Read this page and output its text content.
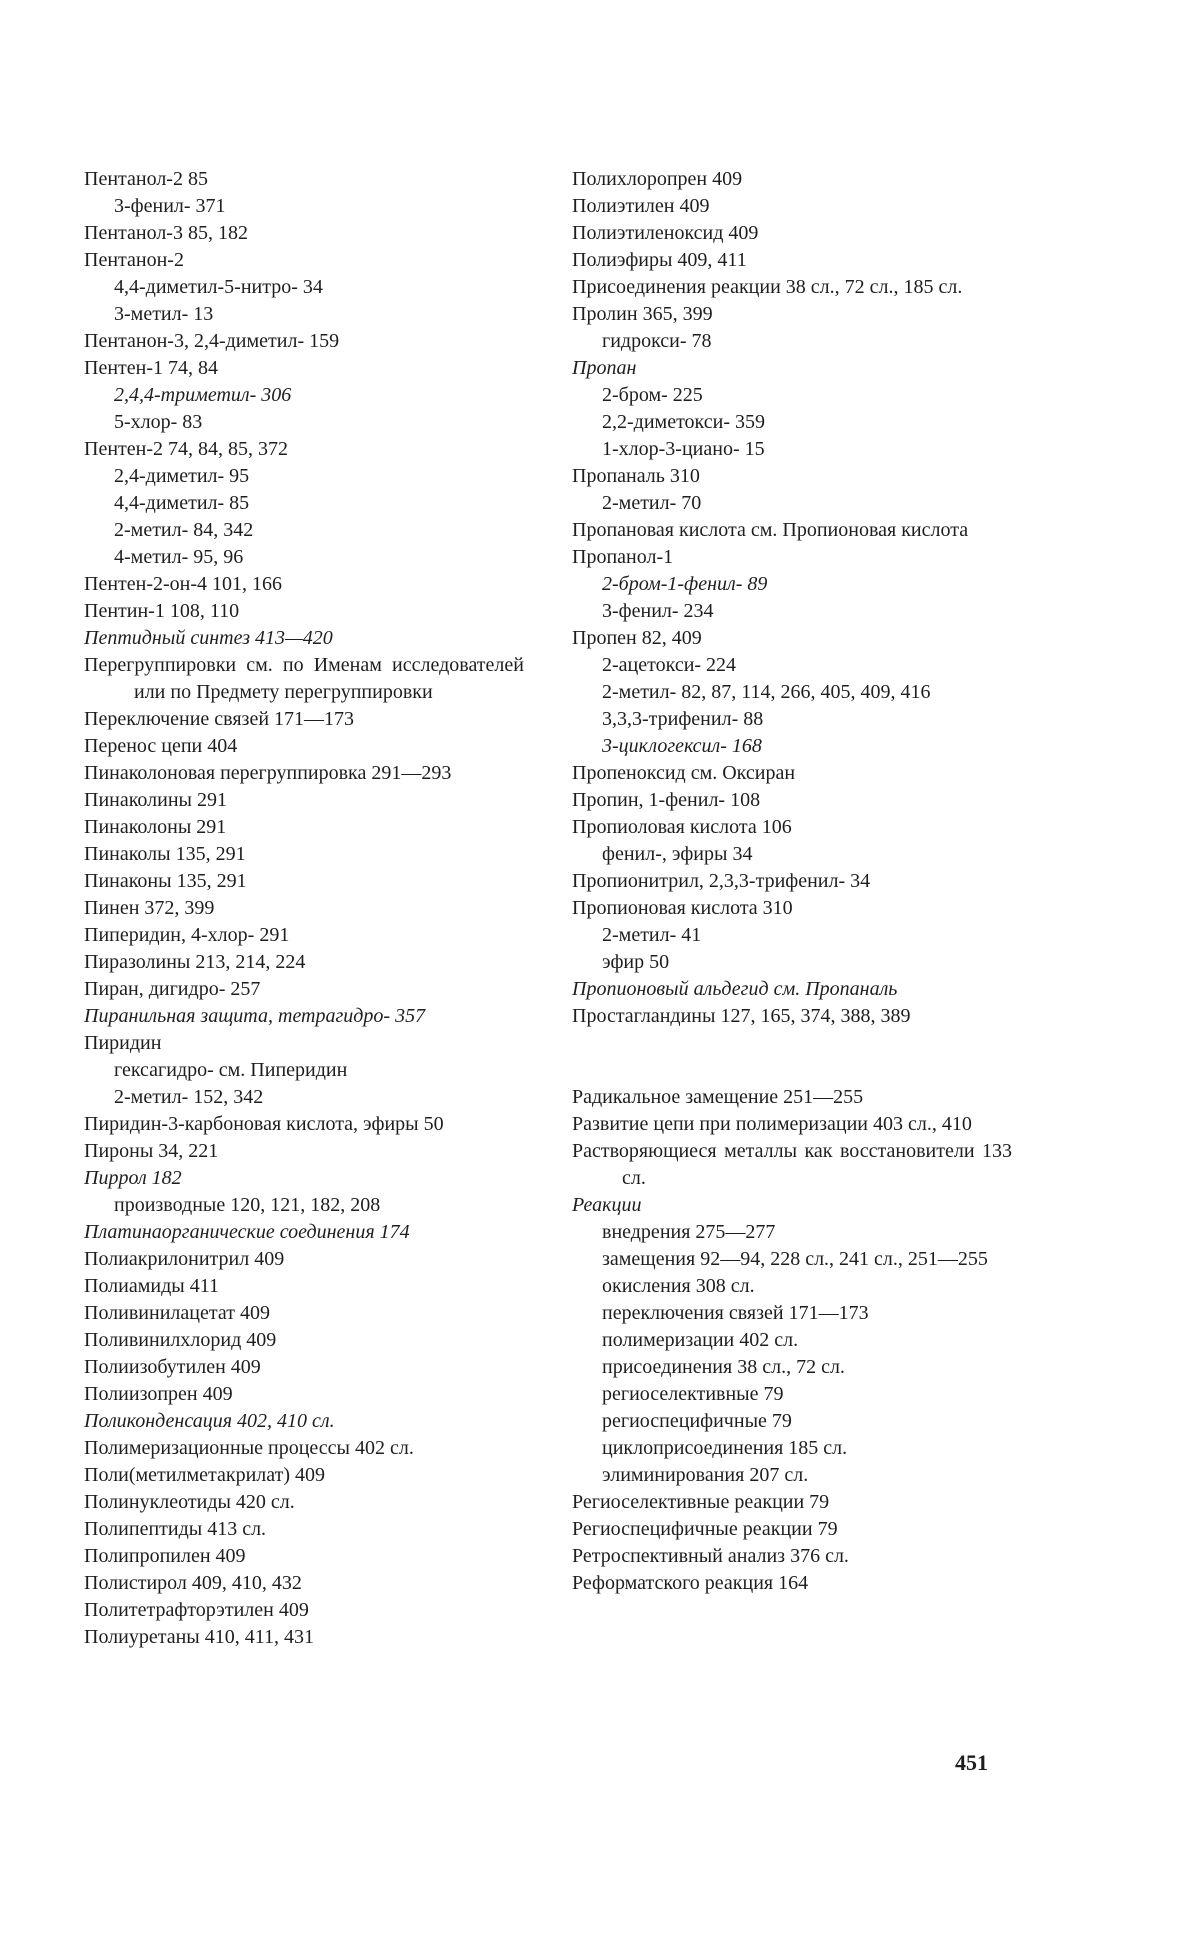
Пентанол-2 85
3-фенил- 371
Пентанол-3 85, 182
Пентанон-2
4,4-диметил-5-нитро- 34
3-метил- 13
Пентанон-3, 2,4-диметил- 159
Пентен-1 74, 84
2,4,4-триметил- 306
5-хлор- 83
Пентен-2 74, 84, 85, 372
2,4-диметил- 95
4,4-диметил- 85
2-метил- 84, 342
4-метил- 95, 96
Пентен-2-он-4 101, 166
Пентин-1 108, 110
Пептидный синтез 413—420
Перегруппировки см. по Именам исследователей или по Предмету перегруппировки
Переключение связей 171—173
Перенос цепи 404
Пинаколоновая перегруппировка 291—293
Пинаколины 291
Пинаколоны 291
Пинаколы 135, 291
Пинаконы 135, 291
Пинен 372, 399
Пиперидин, 4-хлор- 291
Пиразолины 213, 214, 224
Пиран, дигидро- 257
Пиранильная защита, тетрагидро- 357
Пиридин
гексагидро- см. Пиперидин
2-метил- 152, 342
Пиридин-3-карбоновая кислота, эфиры 50
Пироны 34, 221
Пиррол 182
производные 120, 121, 182, 208
Платинаорганические соединения 174
Полиакрилонитрил 409
Полиамиды 411
Поливинилацетат 409
Поливинилхлорид 409
Полиизобутилен 409
Полиизопрен 409
Поликонденсация 402, 410 сл.
Полимеризационные процессы 402 сл.
Поли(метилметакрилат) 409
Полинуклеотиды 420 сл.
Полипептиды 413 сл.
Полипропилен 409
Полистирол 409, 410, 432
Политетрафторэтилен 409
Полиуретаны 410, 411, 431
Полихлоропрен 409
Полиэтилен 409
Полиэтиленоксид 409
Полиэфиры 409, 411
Присоединения реакции 38 сл., 72 сл., 185 сл.
Пролин 365, 399
гидрокси- 78
Пропан
2-бром- 225
2,2-диметокси- 359
1-хлор-3-циано- 15
Пропаналь 310
2-метил- 70
Пропановая кислота см. Пропионовая кислота
Пропанол-1
2-бром-1-фенил- 89
3-фенил- 234
Пропен 82, 409
2-ацетокси- 224
2-метил- 82, 87, 114, 266, 405, 409, 416
3,3,3-трифенил- 88
3-циклогексил- 168
Пропеноксид см. Оксиран
Пропин, 1-фенил- 108
Пропиоловая кислота 106
фенил-, эфиры 34
Пропионитрил, 2,3,3-трифенил- 34
Пропионовая кислота 310
2-метил- 41
эфир 50
Пропионовый альдегид см. Пропаналь
Простагландины 127, 165, 374, 388, 389
Радикальное замещение 251—255
Развитие цепи при полимеризации 403 сл., 410
Растворяющиеся металлы как восстановители 133 сл.
Реакции
внедрения 275—277
замещения 92—94, 228 сл., 241 сл., 251—255
окисления 308 сл.
переключения связей 171—173
полимеризации 402 сл.
присоединения 38 сл., 72 сл.
региоселективные 79
региоспецифичные 79
циклоприсоединения 185 сл.
элиминирования 207 сл.
Региоселективные реакции 79
Региоспецифичные реакции 79
Ретроспективный анализ 376 сл.
Реформатского реакция 164
451
